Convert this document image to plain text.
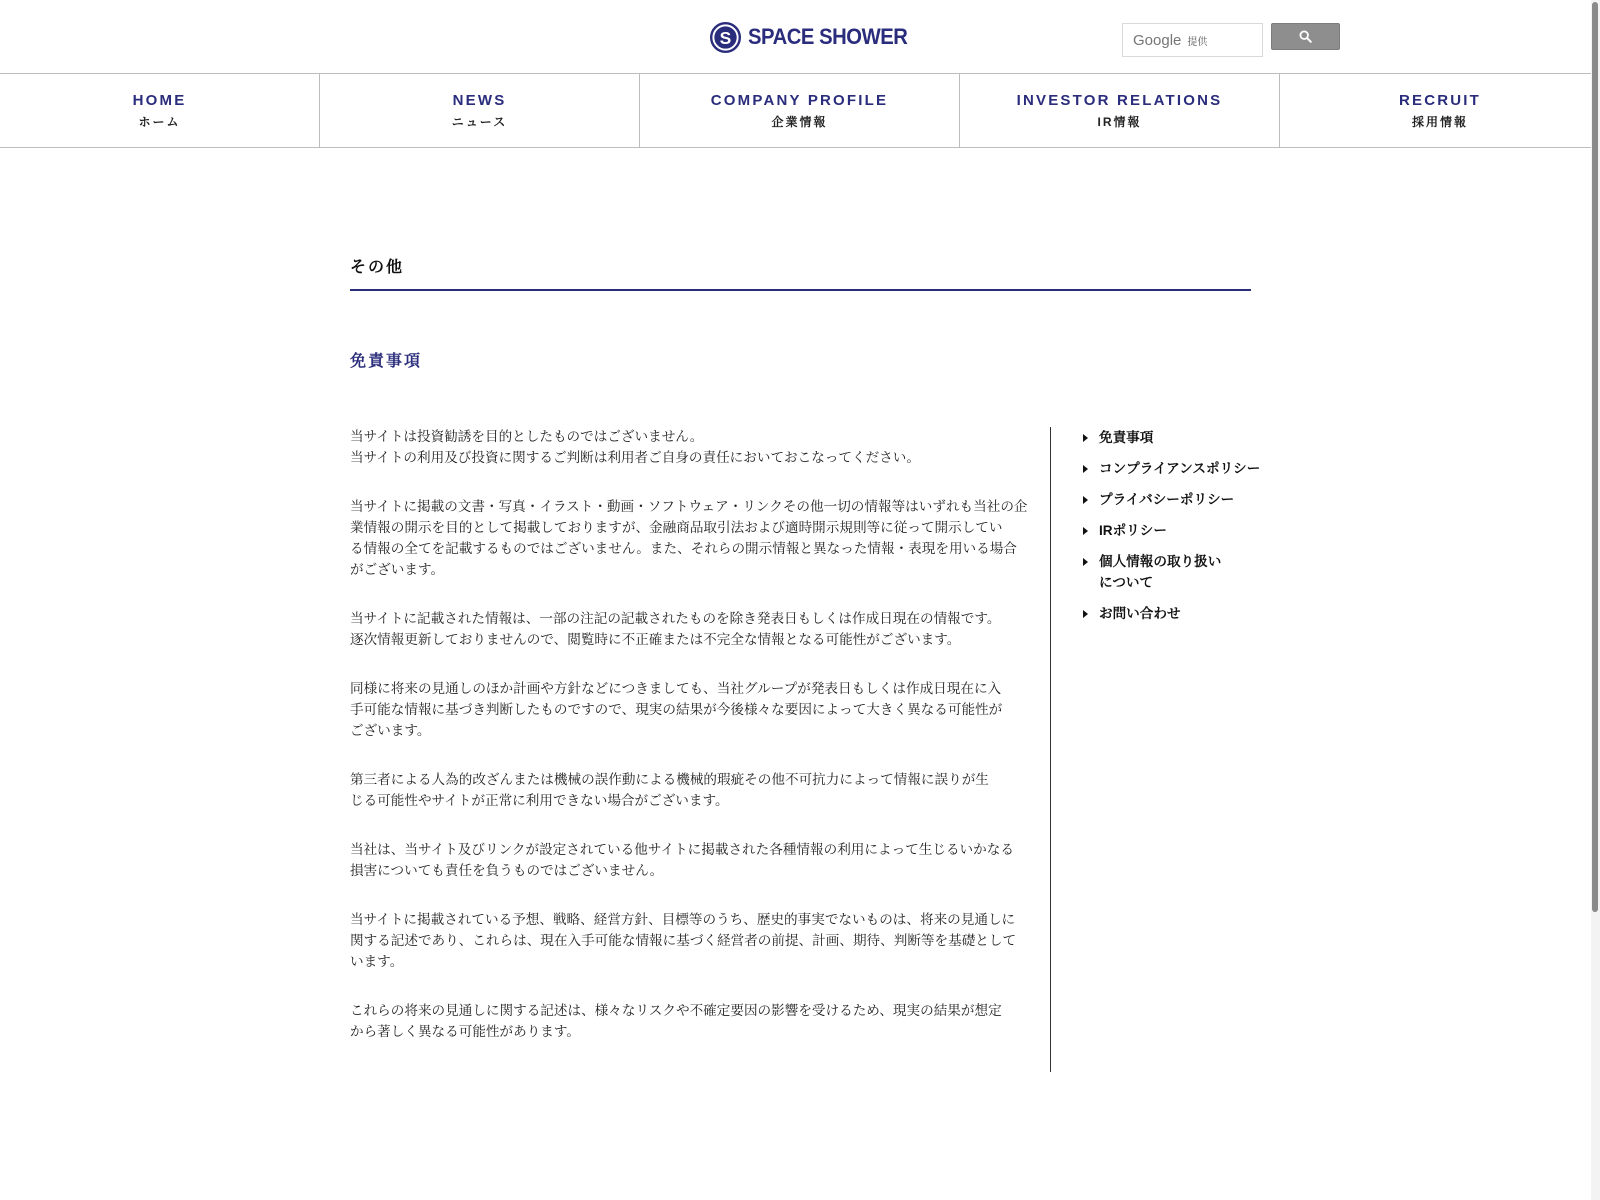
S SPACE SHOWER	Google 提供
HOME
ホーム
NEWS
ニュース
COMPANY PROFILE
企業情報
INVESTOR RELATIONS
IR情報
RECRUIT
採用情報
その他
免責事項

当サイトは投資勧誘を目的としたものではございません。
当サイトの利用及び投資に関するご判断は利用者ご自身の責任においておこなってください。

当サイトに掲載の文書・写真・イラスト・動画・ソフトウェア・リンクその他一切の情報等はいずれも当社の企
業情報の開示を目的として掲載しておりますが、金融商品取引法および適時開示規則等に従って開示してい
る情報の全てを記載するものではございません。また、それらの開示情報と異なった情報・表現を用いる場合
がございます。

当サイトに記載された情報は、一部の注記の記載されたものを除き発表日もしくは作成日現在の情報です。
逐次情報更新しておりませんので、閲覧時に不正確または不完全な情報となる可能性がございます。

同様に将来の見通しのほか計画や方針などにつきましても、当社グループが発表日もしくは作成日現在に入
手可能な情報に基づき判断したものですので、現実の結果が今後様々な要因によって大きく異なる可能性が
ございます。

第三者による人為的改ざんまたは機械の誤作動による機械的瑕疵その他不可抗力によって情報に誤りが生
じる可能性やサイトが正常に利用できない場合がございます。

当社は、当サイト及びリンクが設定されている他サイトに掲載された各種情報の利用によって生じるいかなる
損害についても責任を負うものではございません。

当サイトに掲載されている予想、戦略、経営方針、目標等のうち、歴史的事実でないものは、将来の見通しに
関する記述であり、これらは、現在入手可能な情報に基づく経営者の前提、計画、期待、判断等を基礎として
います。

これらの将来の見通しに関する記述は、様々なリスクや不確定要因の影響を受けるため、現実の結果が想定
から著しく異なる可能性があります。

免責事項
コンプライアンスポリシー
プライバシーポリシー
IRポリシー
個人情報の取り扱い
について
お問い合わせ
